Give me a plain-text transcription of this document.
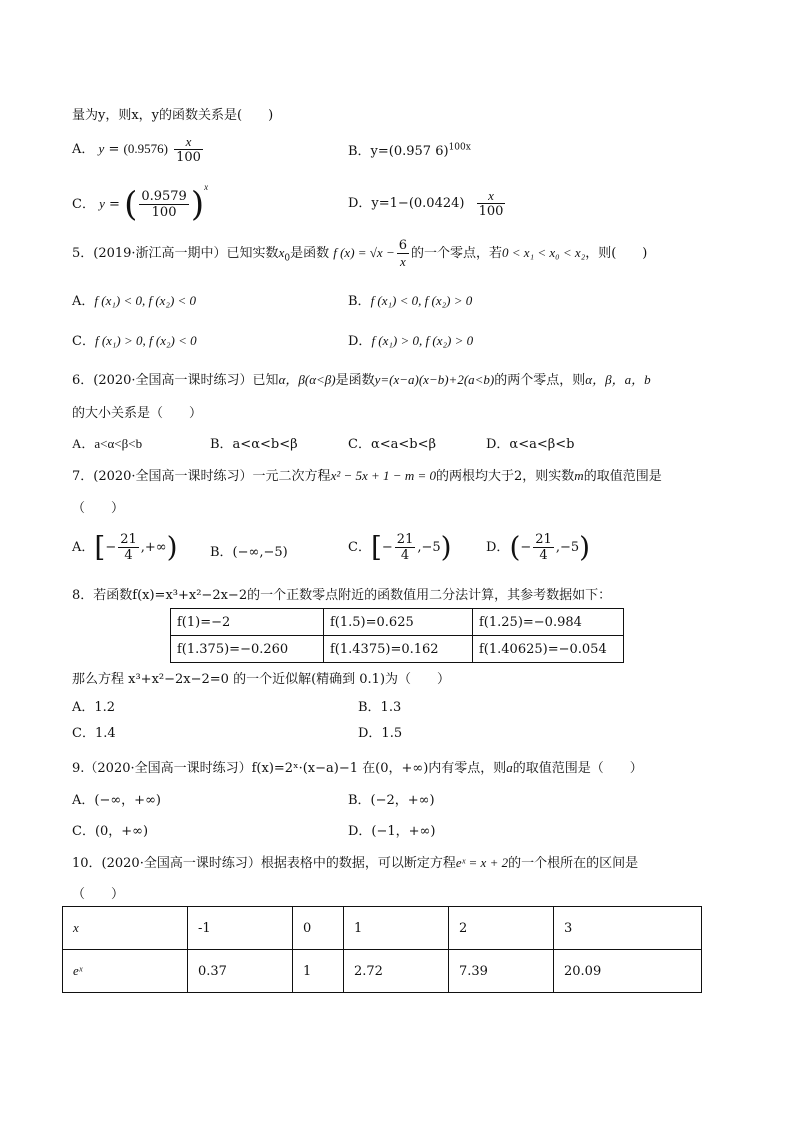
量为y，则x，y的函数关系是(　　)
A． $y = (0.9576) \frac{x}{100}$	B．y=(0.957 6)$^{100x}$
C． y = ( $\frac{0.9579}{100} )^x$
D．$y=1-(0.0424) \frac{x}{100}$
5．(2019·浙江高一期中）已知实数$x_0$是函数 f $(x) = √x - \frac{6}{x}$ 的一个零点，若0 < x₁ < x₀ < x₂，则(　　)
A．f (x₁) < 0, f (x₂) < 0	B．f (x₁) < 0, f (x₂) > 0
C．f (x₁) > 0, f (x₂) < 0	D．f (x₁) > 0, f (x₂) > 0
6．(2020·全国高一课时练习）已知α，β(α<β)是函数y=(x−a)(x−b)+2(a<b)的两个零点，则α，β，a，b
的大小关系是（　　）
A．a<α<β<b	B．a<α<b<β	C．α<a<b<β	D．α<a<β<b
7．(2020·全国高一课时练习）一元二次方程x² − 5x + 1 − m = 0的两根均大于2，则实数m的取值范围是
（　　）
A．[− $\frac{21}{4}$ ,+∞) B．(−∞,−5)	C．[− $\frac{21}{4} ,-5$)	D．(− $\frac{21}{4} ,-5$)
8．若函数f(x)=x³+x²−2x−2的一个正数零点附近的函数值用二分法计算，其参考数据如下：
f(1)=−2	f(1.5)=0.625	f(1.25)=−0.984
f(1.375)=−0.260	f(1.4375)=0.162	f(1.40625)=−0.054
那么方程 x³+x²−2x−2=0 的一个近似解(精确到 0.1)为（　　）
A．1.2	B．1.3
C．1.4	D．1.5
9.（2020·全国高一课时练习）f(x)=2ˣ·(x−a)−1 在(0，+∞)内有零点，则a的取值范围是（　　）
A．(−∞，+∞)	B．(−2，+∞)
C．(0，+∞)	D．(−1，+∞)
10．(2020·全国高一课时练习）根据表格中的数据，可以断定方程eˣ = x + 2的一个根所在的区间是
（　　）
x	-1	0	1	2	3
eˣ	0.37	1	2.72	7.39	20.09
